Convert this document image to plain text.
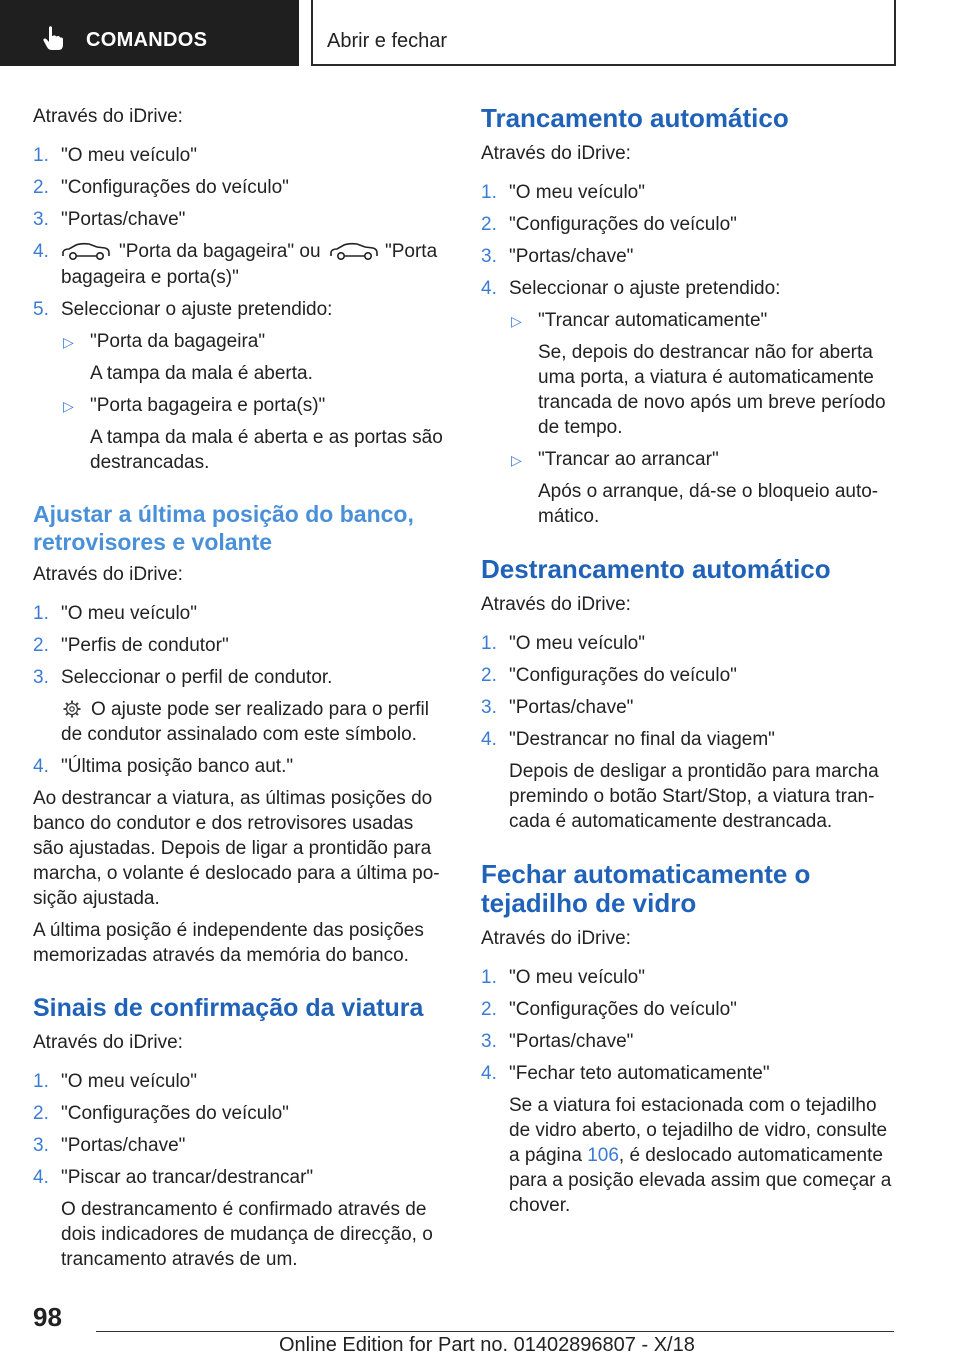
COMANDOS	Abrir e fechar
Através do iDrive:
1. "O meu veículo"
2. "Configurações do veículo"
3. "Portas/chave"
4.	"Porta da bagageira" ou	"Porta
bagageira e porta(s)"
5. Seleccionar o ajuste pretendido:
▷ "Porta da bagageira"
A tampa da mala é aberta.
▷ "Porta bagageira e porta(s)"
A tampa da mala é aberta e as portas são
destrancadas.
Ajustar a última posição do banco,
retrovisores e volante
Através do iDrive:
1. "O meu veículo"
2. "Perfis de condutor"
3. Seleccionar o perfil de condutor.
O ajuste pode ser realizado para o perfil
de condutor assinalado com este símbolo.
4. "Última posição banco aut."
Ao destrancar a viatura, as últimas posições do
banco do condutor e dos retrovisores usadas
são ajustadas. Depois de ligar a prontidão para
marcha, o volante é deslocado para a última po‐
sição ajustada.
A última posição é independente das posições
memorizadas através da memória do banco.
Sinais de confirmação da viatura
Através do iDrive:
1. "O meu veículo"
2. "Configurações do veículo"
3. "Portas/chave"
4. "Piscar ao trancar/destrancar"
O destrancamento é confirmado através de
dois indicadores de mudança de direcção, o
trancamento através de um.
Trancamento automático
Através do iDrive:
1. "O meu veículo"
2. "Configurações do veículo"
3. "Portas/chave"
4. Seleccionar o ajuste pretendido:
▷ "Trancar automaticamente"
Se, depois do destrancar não for aberta
uma porta, a viatura é automaticamente
trancada de novo após um breve período
de tempo.
▷ "Trancar ao arrancar"
Após o arranque, dá-se o bloqueio auto‐
mático.
Destrancamento automático
Através do iDrive:
1. "O meu veículo"
2. "Configurações do veículo"
3. "Portas/chave"
4. "Destrancar no final da viagem"
Depois de desligar a prontidão para marcha
premindo o botão Start/Stop, a viatura tran‐
cada é automaticamente destrancada.
Fechar automaticamente o
tejadilho de vidro
Através do iDrive:
1. "O meu veículo"
2. "Configurações do veículo"
3. "Portas/chave"
4. "Fechar teto automaticamente"
Se a viatura foi estacionada com o tejadilho
de vidro aberto, o tejadilho de vidro, consulte
a página 106, é deslocado automaticamente
para a posição elevada assim que começar a
chover.
98
Online Edition for Part no. 01402896807 - X/18
